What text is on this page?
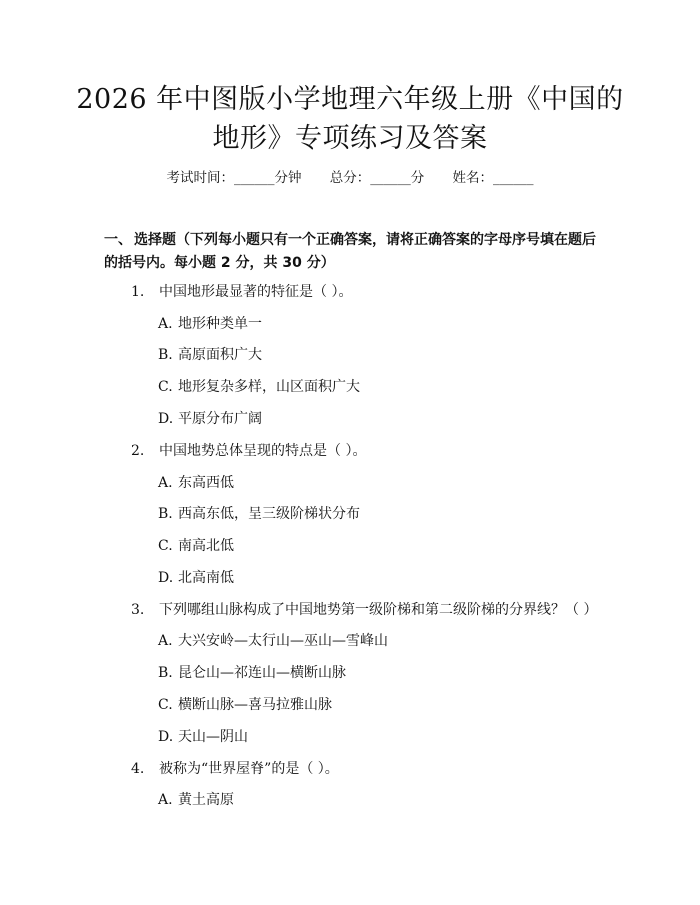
2026 年中图版小学地理六年级上册《中国的
地形》专项练习及答案
考试时间：______分钟 总分：______分 姓名：______
一、 选择题（下列每小题只有一个正确答案，请将正确答案的字母序号填在题后的括号内。每小题 2 分，共 30 分）
1. 中国地形最显著的特征是（ ）。
A. 地形种类单一
B. 高原面积广大
C. 地形复杂多样，山区面积广大
D. 平原分布广阔
2. 中国地势总体呈现的特点是（ ）。
A. 东高西低
B. 西高东低，呈三级阶梯状分布
C. 南高北低
D. 北高南低
3. 下列哪组山脉构成了中国地势第一级阶梯和第二级阶梯的分界线？（ ）
A. 大兴安岭—太行山—巫山—雪峰山
B. 昆仑山—祁连山—横断山脉
C. 横断山脉—喜马拉雅山脉
D. 天山—阴山
4. 被称为“世界屋脊”的是（ ）。
A. 黄土高原
